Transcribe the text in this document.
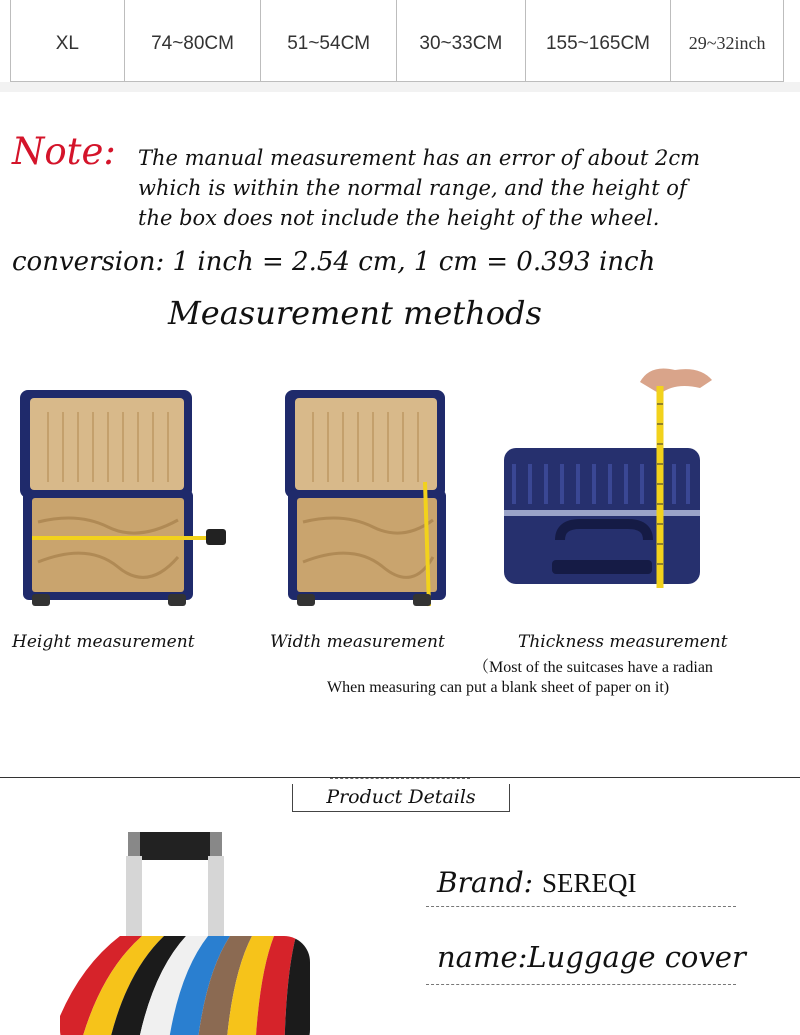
XL	74~80CM	51~54CM	30~33CM	155~165CM	29~32inch
Note: The manual measurement has an error of about 2cm
which is within the normal range, and the height of
the box does not include the height of the wheel.
conversion: 1 inch = 2.54 cm, 1 cm = 0.393 inch
Measurement methods
Height measurement	Width measurement	Thickness measurement
（Most of the suitcases have a radian
When measuring can put a blank sheet of paper on it)
Product Details
Brand: SEREQI
name:Luggage cover
